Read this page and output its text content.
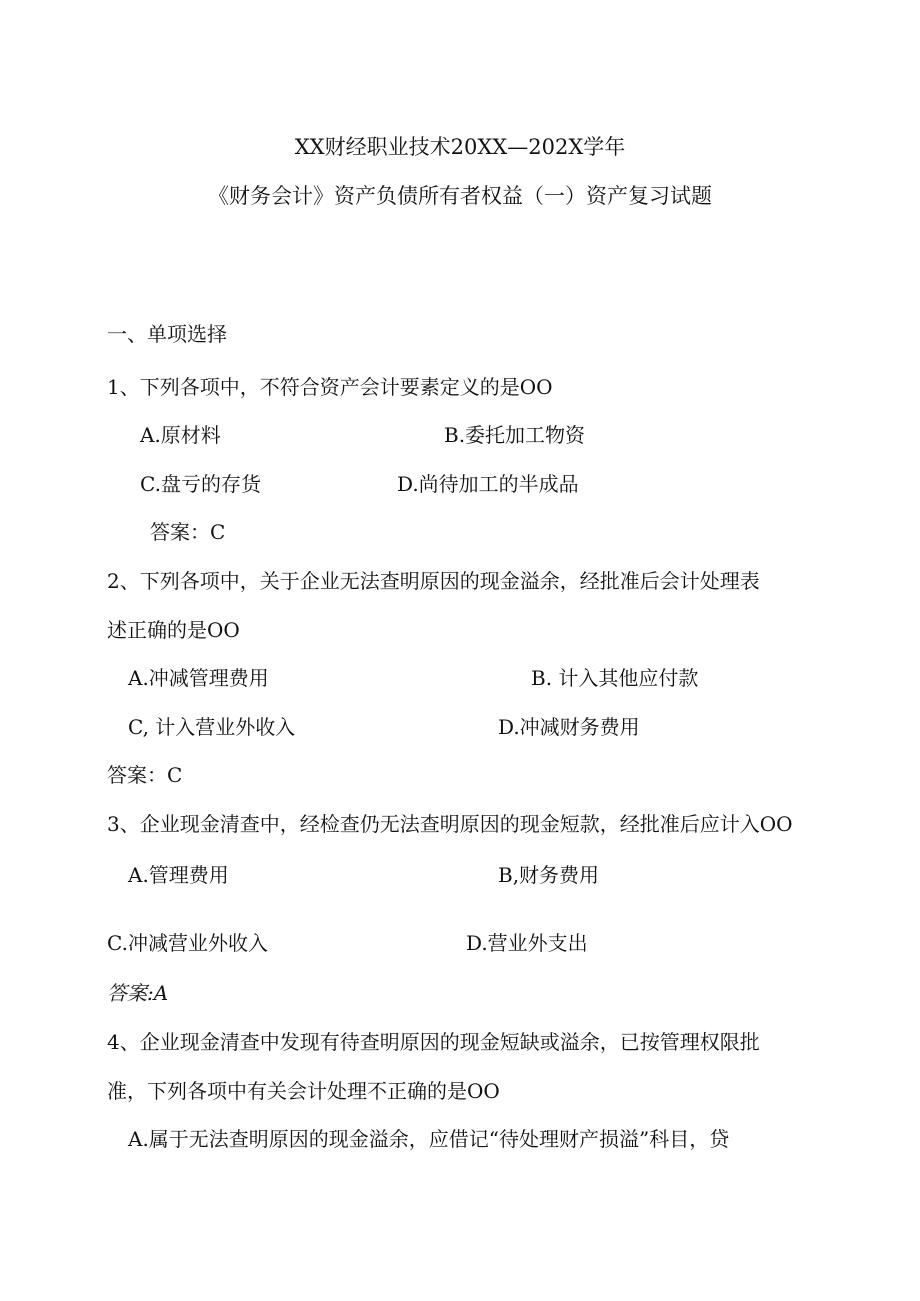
XX财经职业技术20XX—202X学年
《财务会计》资产负债所有者权益（一）资产复习试题
一、单项选择
1、下列各项中，不符合资产会计要素定义的是OO
A.原材料	B.委托加工物资
C.盘亏的存货	D.尚待加工的半成品
答案：C
2、下列各项中，关于企业无法查明原因的现金溢余，经批准后会计处理表
述正确的是OO
A.冲减管理费用	B. 计入其他应付款
C, 计入营业外收入	D.冲减财务费用
答案：C
3、企业现金清查中，经检查仍无法查明原因的现金短款，经批准后应计入OO
A.管理费用	B,财务费用
C.冲减营业外收入	D.营业外支出
答案:A
4、企业现金清查中发现有待查明原因的现金短缺或溢余，已按管理权限批
准，下列各项中有关会计处理不正确的是OO
A.属于无法查明原因的现金溢余，应借记“待处理财产损溢”科目，贷
